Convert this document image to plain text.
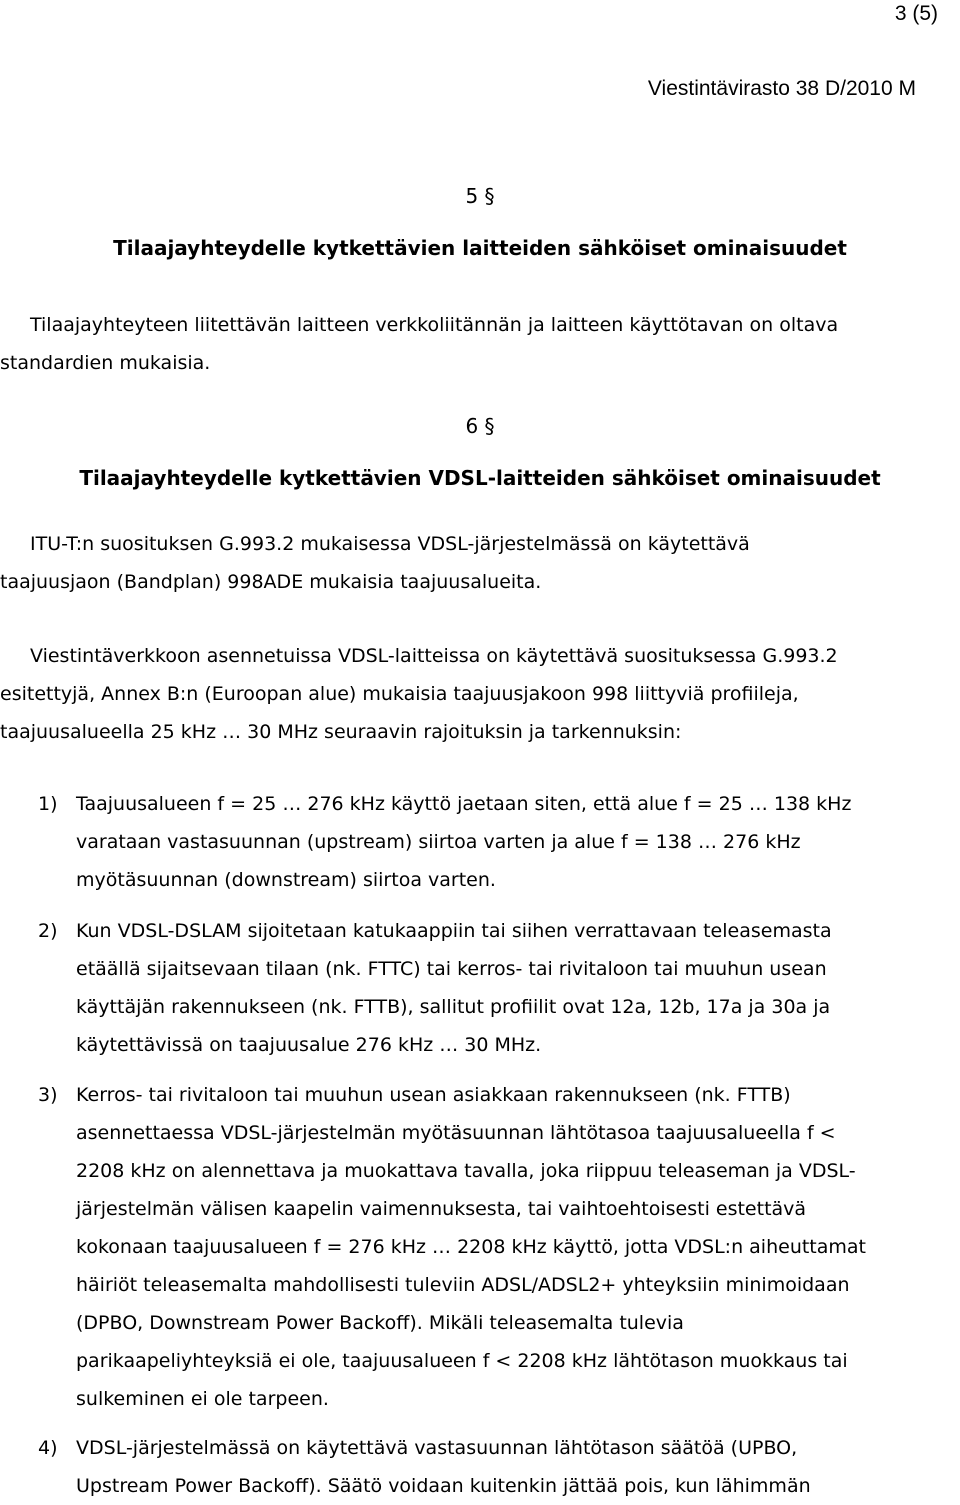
3 (5)
Viestintävirasto 38 D/2010 M
5 §
Tilaajayhteydelle kytkettävien laitteiden sähköiset ominaisuudet
Tilaajayhteyteen liitettävän laitteen verkkoliitännän ja laitteen käyttötavan on oltava
standardien mukaisia.
6 §
Tilaajayhteydelle kytkettävien VDSL-laitteiden sähköiset ominaisuudet
ITU-T:n suosituksen G.993.2 mukaisessa VDSL-järjestelmässä on käytettävä
taajuusjaon (Bandplan) 998ADE mukaisia taajuusalueita.
Viestintäverkkoon asennetuissa VDSL-laitteissa on käytettävä suosituksessa G.993.2
esitettyjä, Annex B:n (Euroopan alue) mukaisia taajuusjakoon 998 liittyviä profiileja,
taajuusalueella 25 kHz … 30 MHz seuraavin rajoituksin ja tarkennuksin:
1) Taajuusalueen f = 25 … 276 kHz käyttö jaetaan siten, että alue f = 25 … 138 kHz
varataan vastasuunnan (upstream) siirtoa varten ja alue f = 138 … 276 kHz
myötäsuunnan (downstream) siirtoa varten.
2) Kun VDSL-DSLAM sijoitetaan katukaappiin tai siihen verrattavaan teleasemasta
etäällä sijaitsevaan tilaan (nk. FTTC) tai kerros- tai rivitaloon tai muuhun usean
käyttäjän rakennukseen (nk. FTTB), sallitut profiilit ovat 12a, 12b, 17a ja 30a ja
käytettävissä on taajuusalue 276 kHz … 30 MHz.
3) Kerros- tai rivitaloon tai muuhun usean asiakkaan rakennukseen (nk. FTTB)
asennettaessa VDSL-järjestelmän myötäsuunnan lähtötasoa taajuusalueella f <
2208 kHz on alennettava ja muokattava tavalla, joka riippuu teleaseman ja VDSL-
järjestelmän välisen kaapelin vaimennuksesta, tai vaihtoehtoisesti estettävä
kokonaan taajuusalueen f = 276 kHz … 2208 kHz käyttö, jotta VDSL:n aiheuttamat
häiriöt teleasemalta mahdollisesti tuleviin ADSL/ADSL2+ yhteyksiin minimoidaan
(DPBO, Downstream Power Backoff). Mikäli teleasemalta tulevia
parikaapeliyhteyksiä ei ole, taajuusalueen f < 2208 kHz lähtötason muokkaus tai
sulkeminen ei ole tarpeen.
4) VDSL-järjestelmässä on käytettävä vastasuunnan lähtötason säätöä (UPBO,
Upstream Power Backoff). Säätö voidaan kuitenkin jättää pois, kun lähimmän
